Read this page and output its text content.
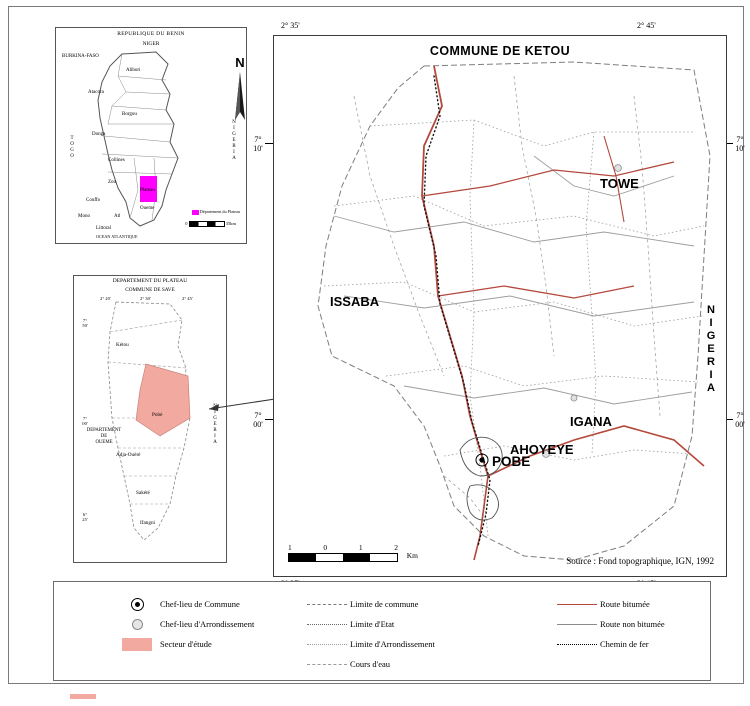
REPUBLIQUE DU BENIN
NIGER
BURKINA-FASO
N
I
G
E
R
I
A
T
O
G
O
Alibori
Atacora
Borgou
Donga
Collines
Zou
Couffo
Mono
Plateau
Atl
Oueme
Littoral
OCEAN ATLANTIQUE
Département du Plateau
0	35km
N
DEPARTEMENT DU PLATEAU
COMMUNE DE SAVE
2° 20'	2° 30'	2° 45'
7°
50'
7°
00'
6°
25'
Kétou
Pobè
Adja-Ouèrè
Sakété
Ifangni

I
G
E
R
I
A
DEPARTEMENT
DE
OUEME
2° 35'	2° 45'
7°
10'
7°
00'
7°
10'
7°
00'
COMMUNE DE KETOU
TOWE
ISSABA
IGANA
AHOYEYE
POBE
N
I
G
E
R
I
A
Source : Fond topographique, IGN, 1992
1	0	1	2
Km
Chef-lieu de Commune
Chef-lieu d'Arrondissement
Secteur d'étude
Limite de commune
Limite d'Etat
Limite d'Arrondissement
Cours d'eau
Route bitumée
Route non bitumée
Chemin de fer
